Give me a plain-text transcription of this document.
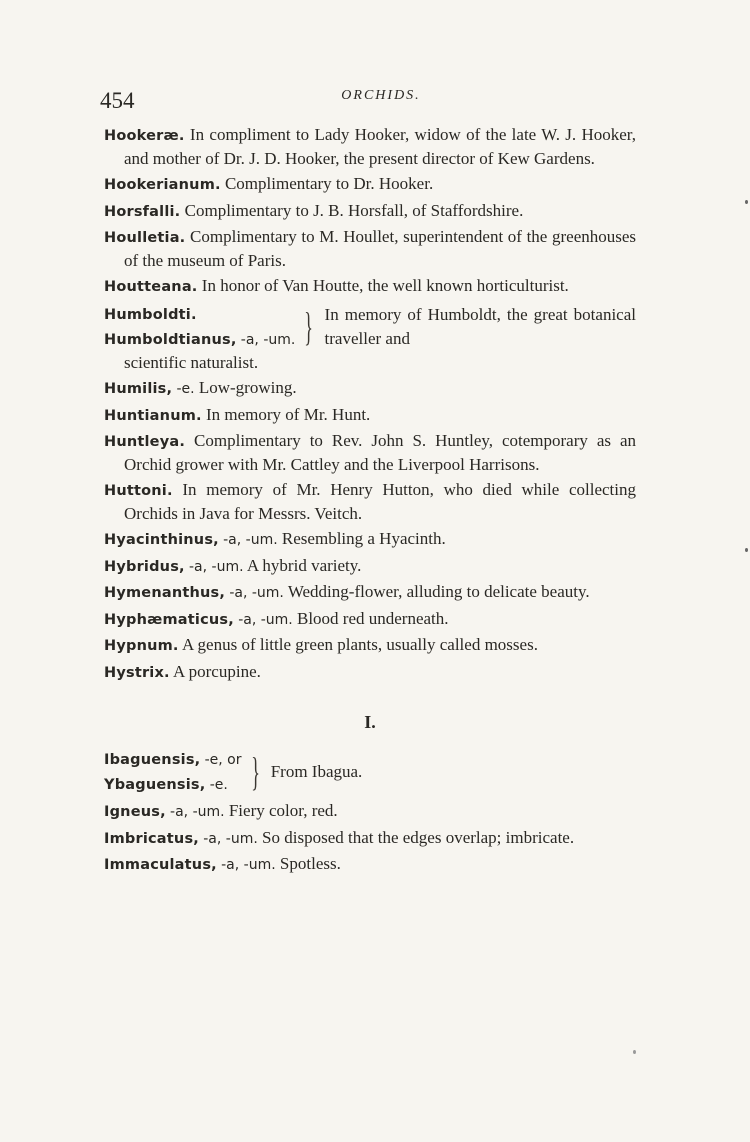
454	ORCHIDS.
Hookeræ. In compliment to Lady Hooker, widow of the late W. J. Hooker, and mother of Dr. J. D. Hooker, the present director of Kew Gardens.
Hookerianum. Complimentary to Dr. Hooker.
Horsfalli. Complimentary to J. B. Horsfall, of Staffordshire.
Houlletia. Complimentary to M. Houllet, superintendent of the greenhouses of the museum of Paris.
Houtteana. In honor of Van Houtte, the well known horticulturist.
Humboldti.
Humboldtianus, -a, -um. } In memory of Humboldt, the great botanical traveller and
scientific naturalist.
Humilis, -e. Low-growing.
Huntianum. In memory of Mr. Hunt.
Huntleya. Complimentary to Rev. John S. Huntley, cotemporary as an Orchid grower with Mr. Cattley and the Liverpool Harrisons.
Huttoni. In memory of Mr. Henry Hutton, who died while collecting Orchids in Java for Messrs. Veitch.
Hyacinthinus, -a, -um. Resembling a Hyacinth.
Hybridus, -a, -um. A hybrid variety.
Hymenanthus, -a, -um. Wedding-flower, alluding to delicate beauty.
Hyphæmaticus, -a, -um. Blood red underneath.
Hypnum. A genus of little green plants, usually called mosses.
Hystrix. A porcupine.
I.
Ibaguensis, -e, or
Ybaguensis, -e. } From Ibagua.
Igneus, -a, -um. Fiery color, red.
Imbricatus, -a, -um. So disposed that the edges overlap; imbricate.
Immaculatus, -a, -um. Spotless.
